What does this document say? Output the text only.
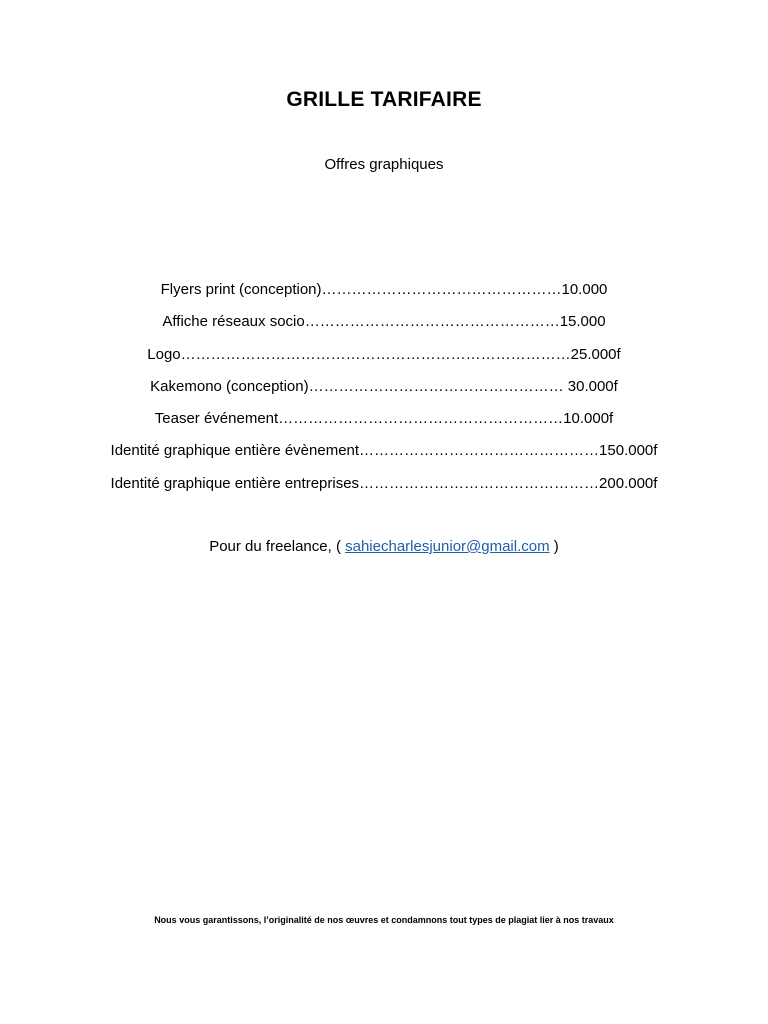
GRILLE TARIFAIRE
Offres graphiques
Flyers print (conception)…………………………………………10.000
Affiche réseaux socio……………………………………………15.000
Logo……………………………………………………………………25.000f
Kakemono (conception)…………………………………………… 30.000f
Teaser événement…………………………………………………10.000f
Identité graphique entière évènement…………………………………………150.000f
Identité graphique entière entreprises…………………………………………200.000f
Pour du freelance, ( sahiecharlesjunior@gmail.com )
Nous vous garantissons, l’originalité de nos œuvres et condamnons tout types de plagiat lier à nos travaux
